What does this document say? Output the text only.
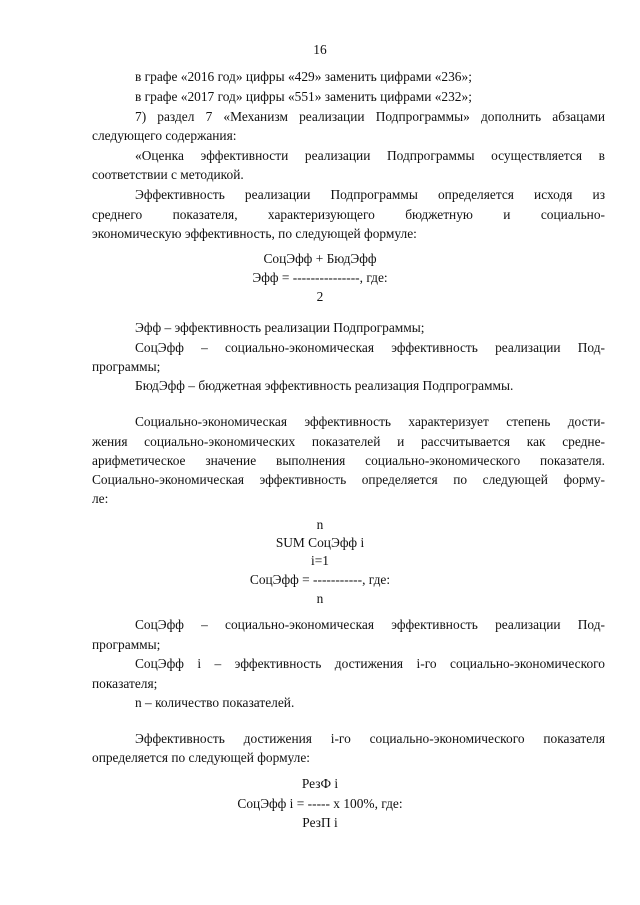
16
в графе «2016 год» цифры «429» заменить цифрами «236»;
в графе «2017 год» цифры «551» заменить цифрами «232»;
7) раздел 7 «Механизм реализации Подпрограммы» дополнить абзацами
следующего содержания:
«Оценка эффективности реализации Подпрограммы осуществляется в
соответствии с методикой.
Эффективность реализации Подпрограммы определяется исходя из
среднего показателя, характеризующего бюджетную и социально-
экономическую эффективность, по следующей формуле:
СоцЭфф + БюдЭфф
Эфф = ---------------, где:
2
Эфф – эффективность реализации Подпрограммы;
СоцЭфф – социально-экономическая эффективность реализации Под-
программы;
БюдЭфф – бюджетная эффективность реализация Подпрограммы.
Социально-экономическая эффективность характеризует степень дости-
жения социально-экономических показателей и рассчитывается как средне-
арифметическое значение выполнения социально-экономического показателя.
Социально-экономическая эффективность определяется по следующей форму-
ле:
n
SUM СоцЭфф i
i=1
СоцЭфф = -----------, где:
n
СоцЭфф – социально-экономическая эффективность реализации Под-
программы;
СоцЭфф i – эффективность достижения i-го социально-экономического
показателя;
n – количество показателей.
Эффективность достижения i-го социально-экономического показателя
определяется по следующей формуле:
РезФ i
СоцЭфф i = ----- x 100%, где:
РезП i
